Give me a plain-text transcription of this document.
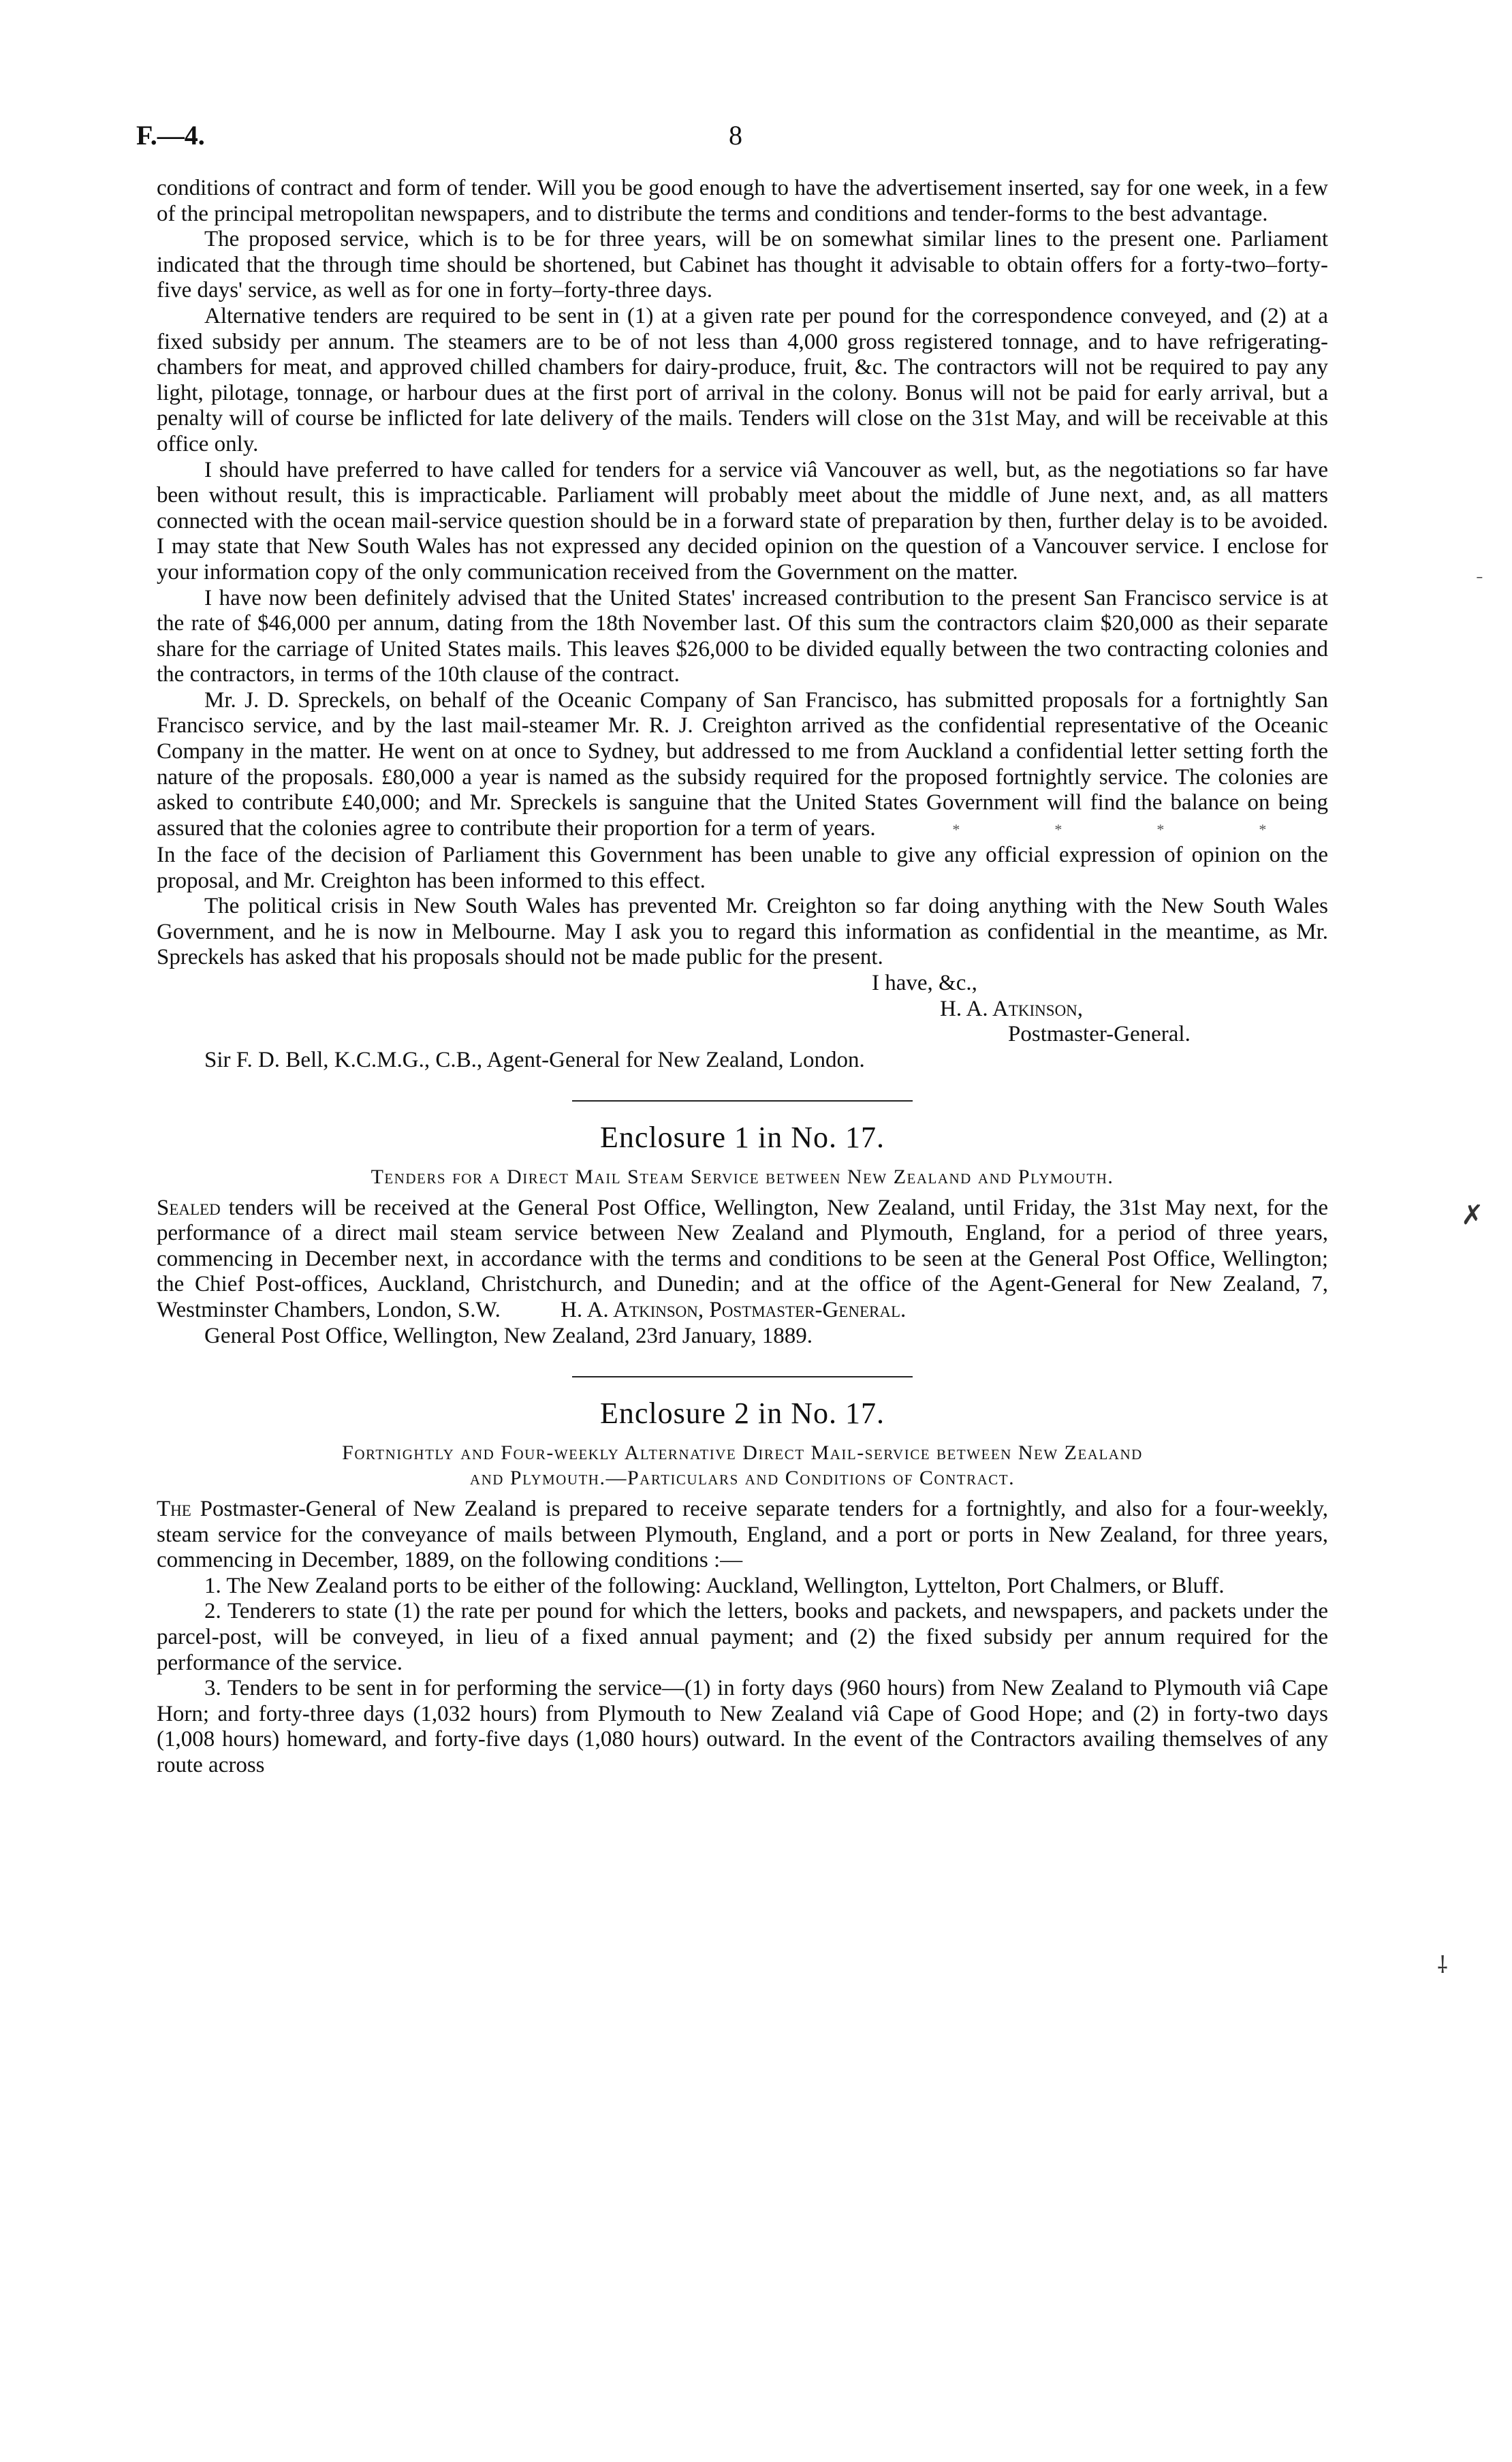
F.—4.	8

conditions of contract and form of tender. Will you be good enough to have the advertisement inserted, say for one week, in a few of the principal metropolitan newspapers, and to distribute the terms and conditions and tender-forms to the best advantage.

The proposed service, which is to be for three years, will be on somewhat similar lines to the present one. Parliament indicated that the through time should be shortened, but Cabinet has thought it advisable to obtain offers for a forty-two–forty-five days' service, as well as for one in forty–forty-three days.

Alternative tenders are required to be sent in (1) at a given rate per pound for the correspondence conveyed, and (2) at a fixed subsidy per annum. The steamers are to be of not less than 4,000 gross registered tonnage, and to have refrigerating-chambers for meat, and approved chilled chambers for dairy-produce, fruit, &c. The contractors will not be required to pay any light, pilotage, tonnage, or harbour dues at the first port of arrival in the colony. Bonus will not be paid for early arrival, but a penalty will of course be inflicted for late delivery of the mails. Tenders will close on the 31st May, and will be receivable at this office only.

I should have preferred to have called for tenders for a service viâ Vancouver as well, but, as the negotiations so far have been without result, this is impracticable. Parliament will probably meet about the middle of June next, and, as all matters connected with the ocean mail-service question should be in a forward state of preparation by then, further delay is to be avoided. I may state that New South Wales has not expressed any decided opinion on the question of a Vancouver service. I enclose for your information copy of the only communication received from the Government on the matter.

I have now been definitely advised that the United States' increased contribution to the present San Francisco service is at the rate of $46,000 per annum, dating from the 18th November last. Of this sum the contractors claim $20,000 as their separate share for the carriage of United States mails. This leaves $26,000 to be divided equally between the two contracting colonies and the contractors, in terms of the 10th clause of the contract.

Mr. J. D. Spreckels, on behalf of the Oceanic Company of San Francisco, has submitted proposals for a fortnightly San Francisco service, and by the last mail-steamer Mr. R. J. Creighton arrived as the confidential representative of the Oceanic Company in the matter. He went on at once to Sydney, but addressed to me from Auckland a confidential letter setting forth the nature of the proposals. £80,000 a year is named as the subsidy required for the proposed fortnightly service. The colonies are asked to contribute £40,000; and Mr. Spreckels is sanguine that the United States Government will find the balance on being assured that the colonies agree to contribute their proportion for a term of years.	*	*	*	*

In the face of the decision of Parliament this Government has been unable to give any official expression of opinion on the proposal, and Mr. Creighton has been informed to this effect.

The political crisis in New South Wales has prevented Mr. Creighton so far doing anything with the New South Wales Government, and he is now in Melbourne. May I ask you to regard this information as confidential in the meantime, as Mr. Spreckels has asked that his proposals should not be made public for the present.

I have, &c.,

H. A. Atkinson,

Postmaster-General.

Sir F. D. Bell, K.C.M.G., C.B., Agent-General for New Zealand, London.

Enclosure 1 in No. 17.
Tenders for a Direct Mail Steam Service between New Zealand and Plymouth.

Sealed tenders will be received at the General Post Office, Wellington, New Zealand, until Friday, the 31st May next, for the performance of a direct mail steam service between New Zealand and Plymouth, England, for a period of three years, commencing in December next, in accordance with the terms and conditions to be seen at the General Post Office, Wellington; the Chief Post-offices, Auckland, Christchurch, and Dunedin; and at the office of the Agent-General for New Zealand, 7, Westminster Chambers, London, S.W.	H. A. Atkinson, Postmaster-General.

General Post Office, Wellington, New Zealand, 23rd January, 1889.

Enclosure 2 in No. 17.
Fortnightly and Four-weekly Alternative Direct Mail-service between New Zealand
and Plymouth.—Particulars and Conditions of Contract.

The Postmaster-General of New Zealand is prepared to receive separate tenders for a fortnightly, and also for a four-weekly, steam service for the conveyance of mails between Plymouth, England, and a port or ports in New Zealand, for three years, commencing in December, 1889, on the following conditions :—

1. The New Zealand ports to be either of the following: Auckland, Wellington, Lyttelton, Port Chalmers, or Bluff.

2. Tenderers to state (1) the rate per pound for which the letters, books and packets, and newspapers, and packets under the parcel-post, will be conveyed, in lieu of a fixed annual payment; and (2) the fixed subsidy per annum required for the performance of the service.

3. Tenders to be sent in for performing the service—(1) in forty days (960 hours) from New Zealand to Plymouth viâ Cape Horn; and forty-three days (1,032 hours) from Plymouth to New Zealand viâ Cape of Good Hope; and (2) in forty-two days (1,008 hours) homeward, and forty-five days (1,080 hours) outward. In the event of the Contractors availing themselves of any route across

˗
✗
⸸
